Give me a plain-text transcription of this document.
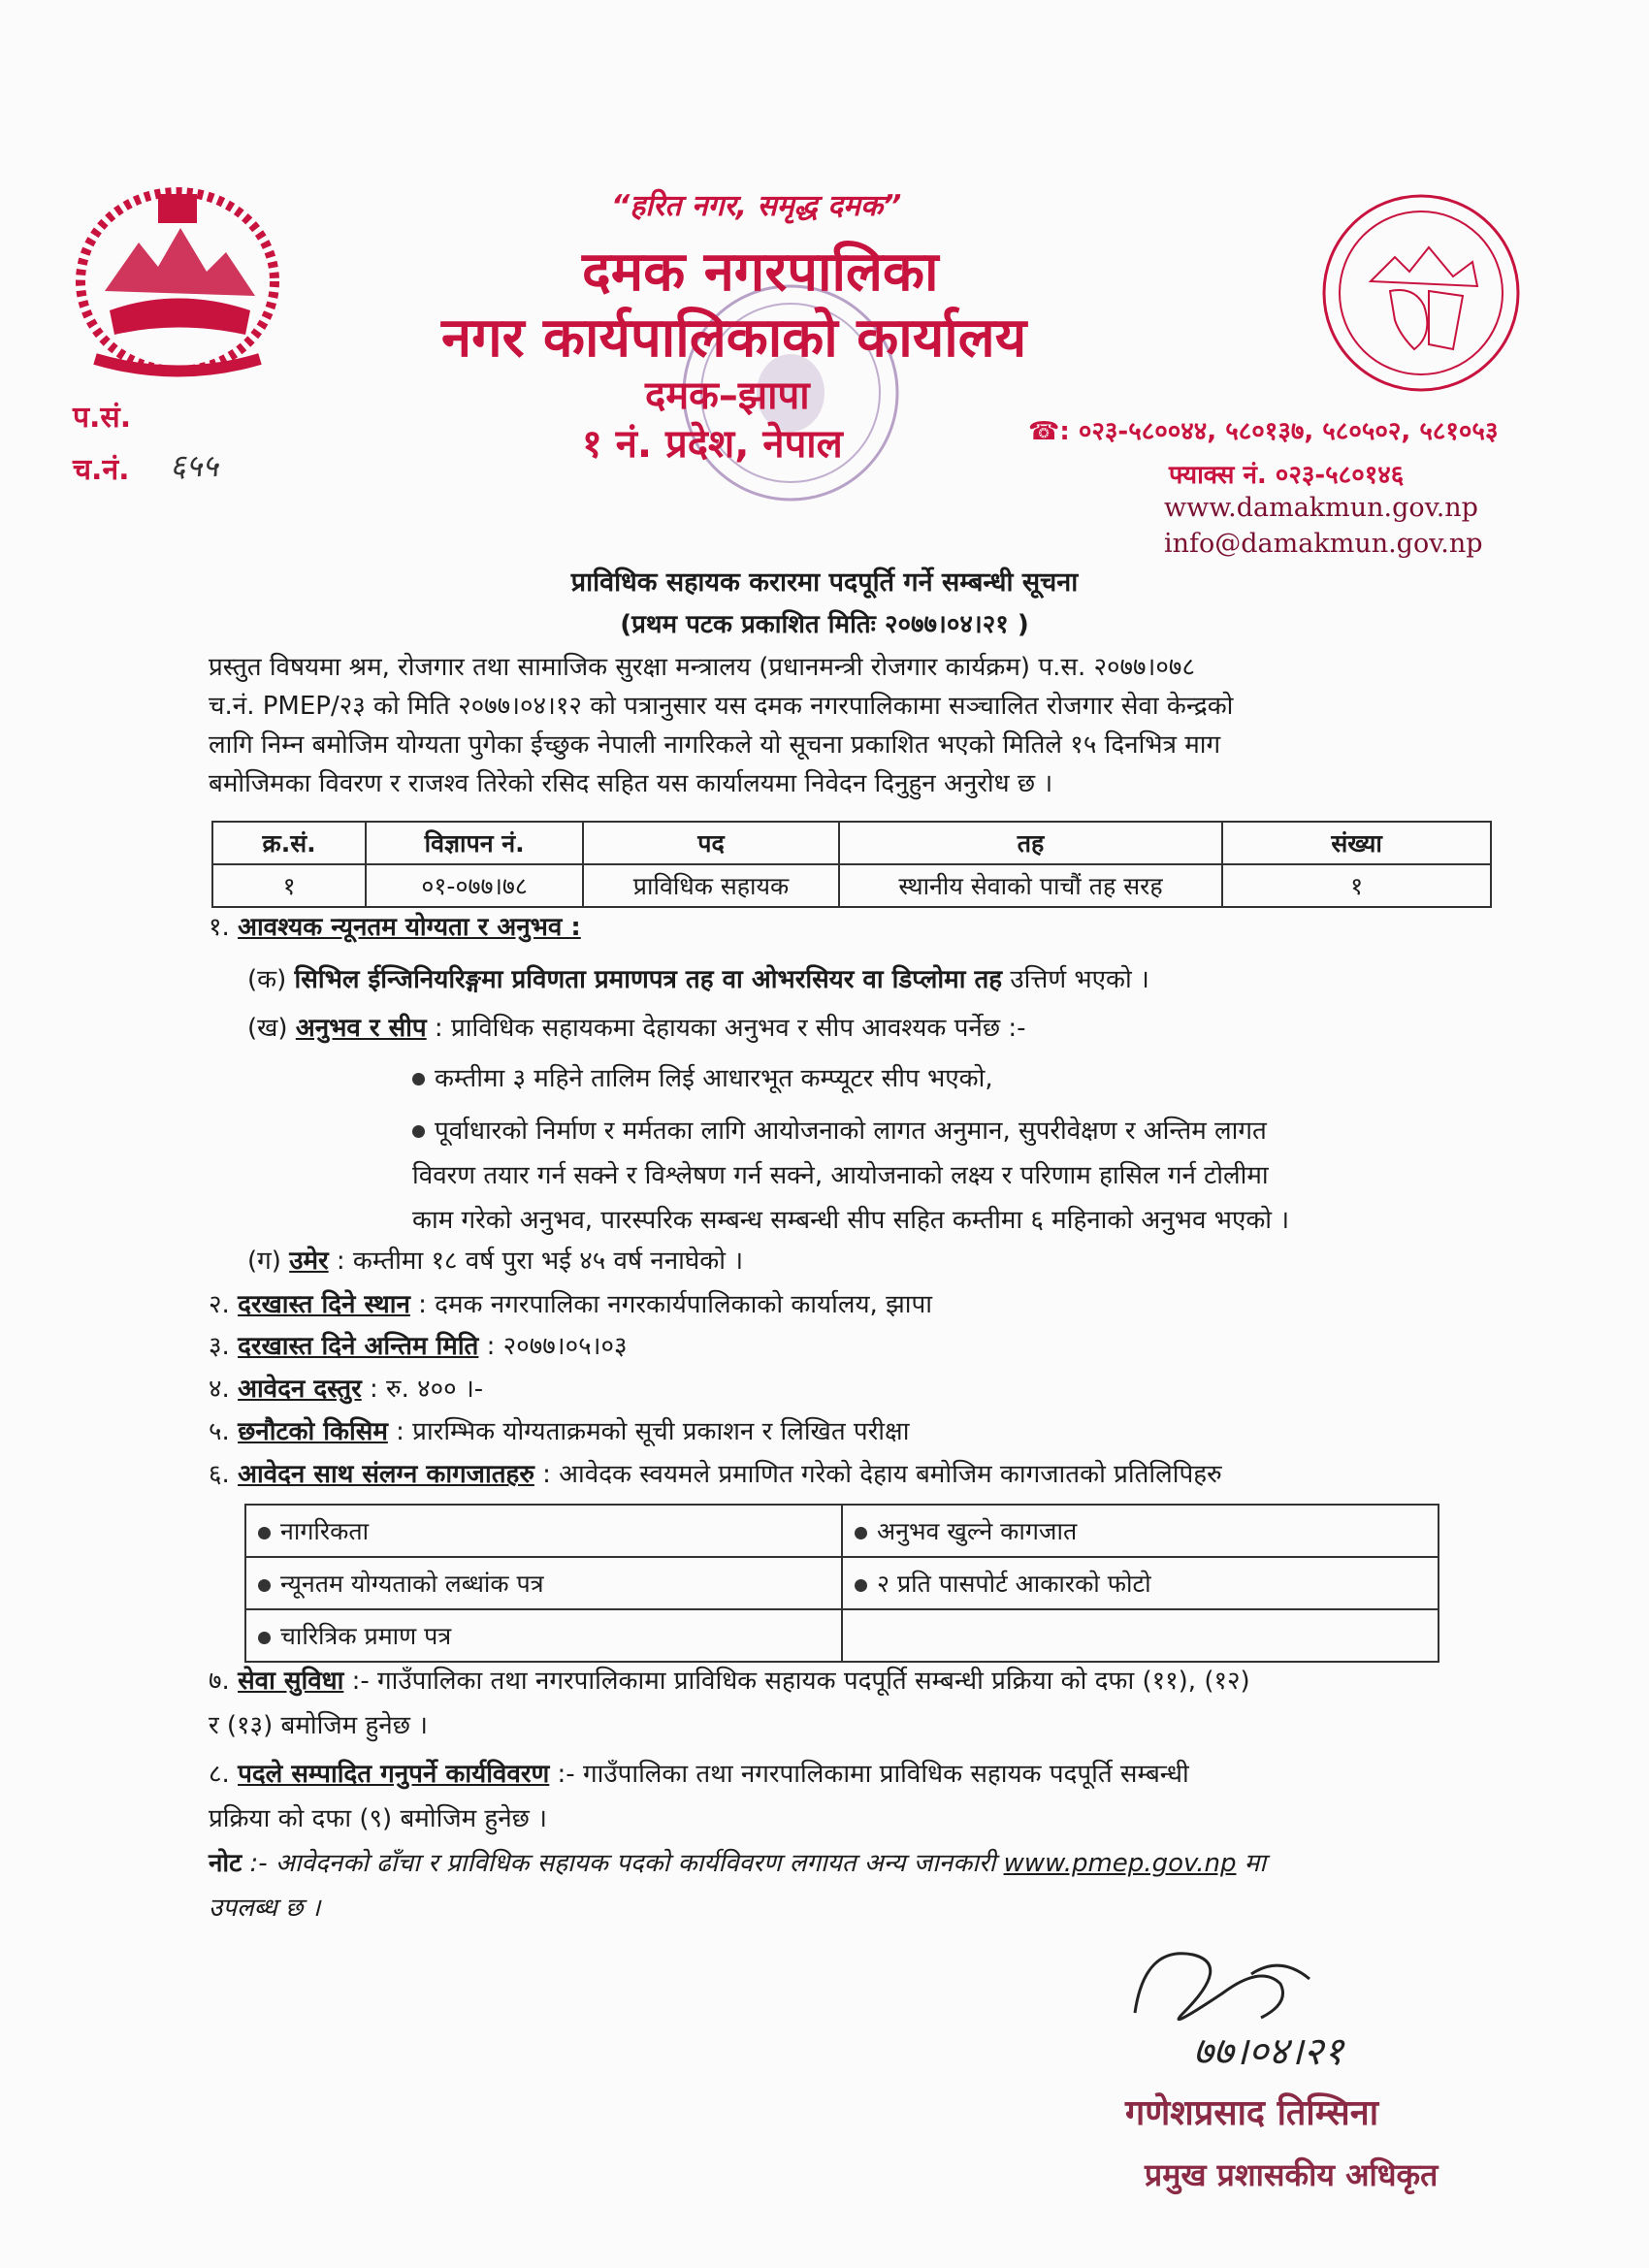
“हरित नगर, समृद्ध दमक”
दमक नगरपालिका
नगर कार्यपालिकाको कार्यालय
दमक–झापा
१ नं. प्रदेश, नेपाल
प.सं.
च.नं. ६५५
☎: ०२३-५८००४४, ५८०१३७, ५८०५०२, ५८१०५३
फ्याक्स नं. ०२३-५८०१४६
www.damakmun.gov.np
info@damakmun.gov.np
प्राविधिक सहायक करारमा पदपूर्ति गर्ने सम्बन्धी सूचना
(प्रथम पटक प्रकाशित मितिः २०७७।०४।२१ )
प्रस्तुत विषयमा श्रम, रोजगार तथा सामाजिक सुरक्षा मन्त्रालय (प्रधानमन्त्री रोजगार कार्यक्रम) प.स. २०७७।०७८
च.नं. PMEP/२३ को मिति २०७७।०४।१२ को पत्रानुसार यस दमक नगरपालिकामा सञ्चालित रोजगार सेवा केन्द्रको
लागि निम्न बमोजिम योग्यता पुगेका ईच्छुक नेपाली नागरिकले यो सूचना प्रकाशित भएको मितिले १५ दिनभित्र माग
बमोजिमका विवरण र राजश्व तिरेको रसिद सहित यस कार्यालयमा निवेदन दिनुहुन अनुरोध छ ।
क्र.सं.	विज्ञापन नं.	पद	तह	संख्या
१	०१-०७७।७८	प्राविधिक सहायक	स्थानीय सेवाको पाचौं तह सरह	१
१. आवश्यक न्यूनतम योग्यता र अनुभव :
(क) सिभिल ईन्जिनियरिङ्गमा प्रविणता प्रमाणपत्र तह वा ओभरसियर वा डिप्लोमा तह उत्तिर्ण भएको ।
(ख) अनुभव र सीप : प्राविधिक सहायकमा देहायका अनुभव र सीप आवश्यक पर्नेछ :-
कम्तीमा ३ महिने तालिम लिई आधारभूत कम्प्यूटर सीप भएको,
पूर्वाधारको निर्माण र मर्मतका लागि आयोजनाको लागत अनुमान, सुपरीवेक्षण र अन्तिम लागत
विवरण तयार गर्न सक्ने र विश्लेषण गर्न सक्ने, आयोजनाको लक्ष्य र परिणाम हासिल गर्न टोलीमा
काम गरेको अनुभव, पारस्परिक सम्बन्ध सम्बन्धी सीप सहित कम्तीमा ६ महिनाको अनुभव भएको ।
(ग) उमेर : कम्तीमा १८ वर्ष पुरा भई ४५ वर्ष ननाघेको ।
२. दरखास्त दिने स्थान : दमक नगरपालिका नगरकार्यपालिकाको कार्यालय, झापा
३. दरखास्त दिने अन्तिम मिति : २०७७।०५।०३
४. आवेदन दस्तुर : रु. ४०० ।-
५. छनौटको किसिम : प्रारम्भिक योग्यताक्रमको सूची प्रकाशन र लिखित परीक्षा
६. आवेदन साथ संलग्न कागजातहरु : आवेदक स्वयमले प्रमाणित गरेको देहाय बमोजिम कागजातको प्रतिलिपिहरु
नागरिकता	अनुभव खुल्ने कागजात
न्यूनतम योग्यताको लब्धांक पत्र	२ प्रति पासपोर्ट आकारको फोटो
चारित्रिक प्रमाण पत्र	
७. सेवा सुविधा :- गाउँपालिका तथा नगरपालिकामा प्राविधिक सहायक पदपूर्ति सम्बन्धी प्रक्रिया को दफा (११), (१२)
र (१३) बमोजिम हुनेछ ।
८. पदले सम्पादित गनुपर्ने कार्यविवरण :- गाउँपालिका तथा नगरपालिकामा प्राविधिक सहायक पदपूर्ति सम्बन्धी
प्रक्रिया को दफा (९) बमोजिम हुनेछ ।
नोट :- आवेदनको ढाँचा र प्राविधिक सहायक पदको कार्यविवरण लगायत अन्य जानकारी www.pmep.gov.np मा
उपलब्ध छ ।
७७।०४।२१
गणेशप्रसाद तिम्सिना
प्रमुख प्रशासकीय अधिकृत
